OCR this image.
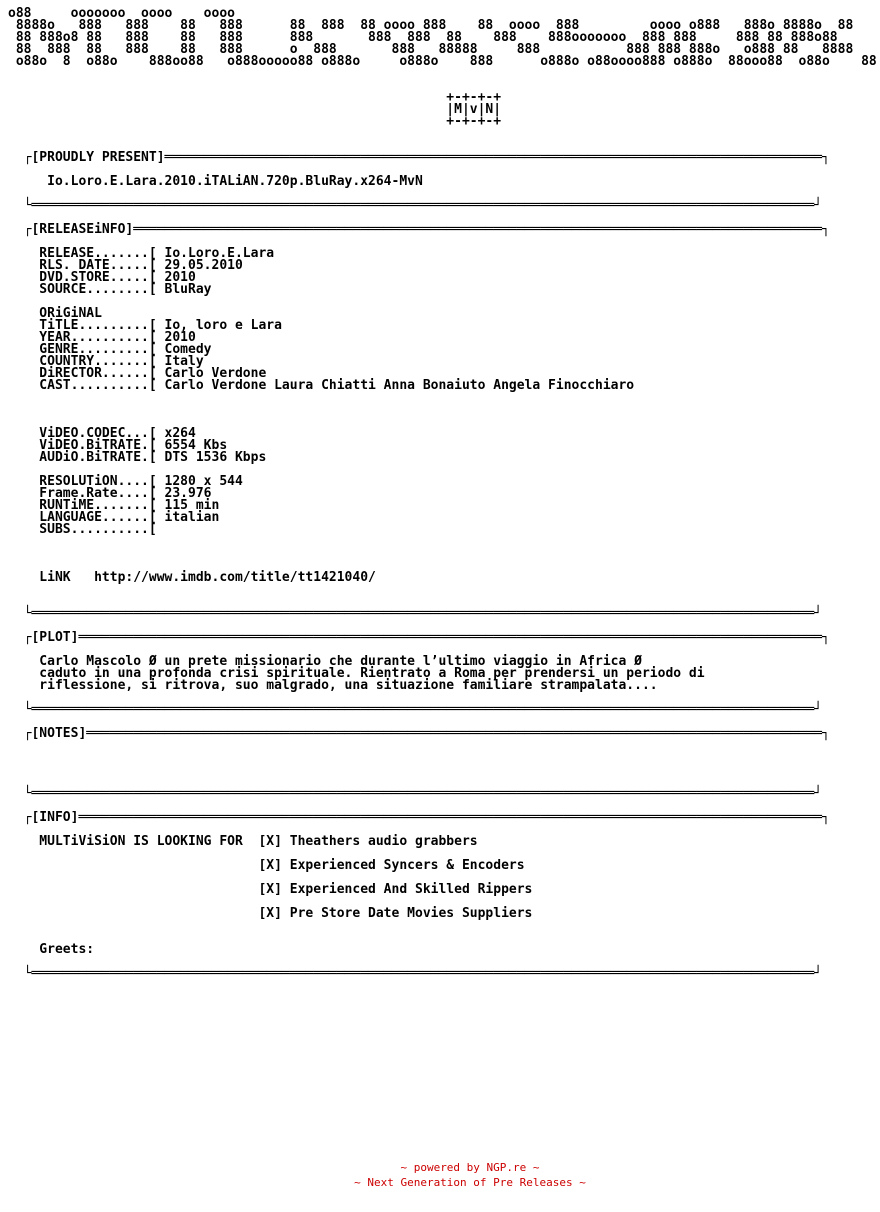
o88     ooooooo  oooo    oooo
8888o   888   888    88   888      88  888  88 oooo 888    88  oooo  888         oooo o888   888o 8888o  88
88 888o8 88   888    88   888      888       888  888  88    888    888ooooooo  888 888     888 88 888o88
88  888  88   888    88   888      o  888       888   88888     888           888 888 888o   o888 88   8888
o88o  8  o88o    888oo88   o888ooooo88 o888o     o888o    888      o888o o88oooo888 o888o  88ooo88  o88o    88

+-+-+-+
|M|v|N|
+-+-+-+

┌[PROUDLY PRESENT]════════════════════════════════════════════════════════════════════════════════════┐

Io.Loro.E.Lara.2010.iTALiAN.720p.BluRay.x264-MvN

└════════════════════════════════════════════════════════════════════════════════════════════════════┘

┌[RELEASEiNFO]════════════════════════════════════════════════════════════════════════════════════════┐

RELEASE.......[ Io.Loro.E.Lara
RLS. DATE.....[ 29.05.2010
DVD.STORE.....[ 2010
SOURCE........[ BluRay

ORiGiNAL
TiTLE.........[ Io, loro e Lara
YEAR..........[ 2010
GENRE.........[ Comedy
COUNTRY.......[ Italy
DiRECTOR......[ Carlo Verdone
CAST..........[ Carlo Verdone Laura Chiatti Anna Bonaiuto Angela Finocchiaro

ViDEO.CODEC...[ x264
ViDEO.BiTRATE.[ 6554 Kbs
AUDiO.BiTRATE.[ DTS 1536 Kbps

RESOLUTiON....[ 1280 x 544
Frame.Rate....[ 23.976
RUNTiME.......[ 115 min
LANGUAGE......[ italian
SUBS..........[

LiNK   http://www.imdb.com/title/tt1421040/

└════════════════════════════════════════════════════════════════════════════════════════════════════┘

┌[PLOT]═══════════════════════════════════════════════════════════════════════════════════════════════┐

Carlo Mascolo Ø un prete missionario che durante l’ultimo viaggio in Africa Ø
caduto in una profonda crisi spirituale. Rientrato a Roma per prendersi un periodo di
riflessione, si ritrova, suo malgrado, una situazione familiare strampalata....

└════════════════════════════════════════════════════════════════════════════════════════════════════┘

┌[NOTES]══════════════════════════════════════════════════════════════════════════════════════════════┐

└════════════════════════════════════════════════════════════════════════════════════════════════════┘

┌[INFO]═══════════════════════════════════════════════════════════════════════════════════════════════┐

MULTiViSiON IS LOOKING FOR  [X] Theathers audio grabbers

[X] Experienced Syncers & Encoders

[X] Experienced And Skilled Rippers

[X] Pre Store Date Movies Suppliers

Greets:

└════════════════════════════════════════════════════════════════════════════════════════════════════┘
~ powered by NGP.re ~
~ Next Generation of Pre Releases ~
